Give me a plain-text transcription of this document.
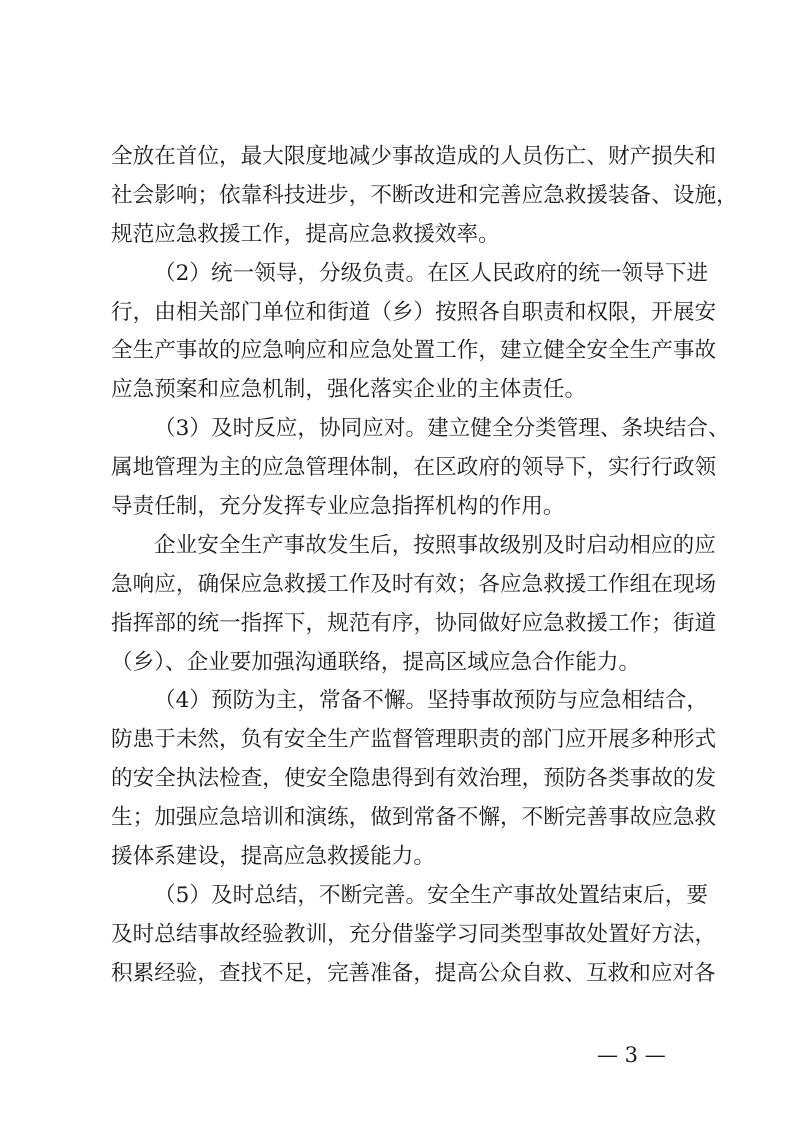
全 放 在 首 位 ， 最 大 限 度 地 减 少 事 故 造 成 的 人 员 伤 亡 、 财 产 损 失 和
社 会 影 响 ； 依 靠 科 技 进 步 ， 不 断 改 进 和 完 善 应 急 救 援 装 备 、 设 施 ，
规范应急救援工作，提高应急救援效率。
（ 2 ） 统 一 领 导 ， 分 级 负 责 。 在 区 人 民 政 府 的 统 一 领 导 下 进
行 ， 由 相 关 部 门 单 位 和 街 道 （ 乡 ） 按 照 各 自 职 责 和 权 限 ， 开 展 安
全 生 产 事 故 的 应 急 响 应 和 应 急 处 置 工 作 ， 建 立 健 全 安 全 生 产 事 故
应急预案和应急机制，强化落实企业的主体责任。
（ 3 ） 及 时 反 应 ， 协 同 应 对 。 建 立 健 全 分 类 管 理 、 条 块 结 合 、
属 地 管 理 为 主 的 应 急 管 理 体 制 ， 在 区 政 府 的 领 导 下 ， 实 行 行 政 领
导责任制，充分发挥专业应急指挥机构的作用。
企 业 安 全 生 产 事 故 发 生 后 ， 按 照 事 故 级 别 及 时 启 动 相 应 的 应
急 响 应 ， 确 保 应 急 救 援 工 作 及 时 有 效 ； 各 应 急 救 援 工 作 组 在 现 场
指 挥 部 的 统 一 指 挥 下 ， 规 范 有 序 ， 协 同 做 好 应 急 救 援 工 作 ； 街 道
（乡）、企业要加强沟通联络，提高区域应急合作能力。
（ 4 ） 预 防 为 主 ， 常 备 不 懈 。 坚 持 事 故 预 防 与 应 急 相 结 合 ，
防 患 于 未 然 ， 负 有 安 全 生 产 监 督 管 理 职 责 的 部 门 应 开 展 多 种 形 式
的 安 全 执 法 检 查 ， 使 安 全 隐 患 得 到 有 效 治 理 ， 预 防 各 类 事 故 的 发
生 ； 加 强 应 急 培 训 和 演 练 ， 做 到 常 备 不 懈 ， 不 断 完 善 事 故 应 急 救
援体系建设，提高应急救援能力。
（ 5 ） 及 时 总 结 ， 不 断 完 善 。 安 全 生 产 事 故 处 置 结 束 后 ， 要
及 时 总 结 事 故 经 验 教 训 ， 充 分 借 鉴 学 习 同 类 型 事 故 处 置 好 方 法 ，
积累经验，查找不足，完善准备，提高公众自救、互救和应对各
— 3 —
